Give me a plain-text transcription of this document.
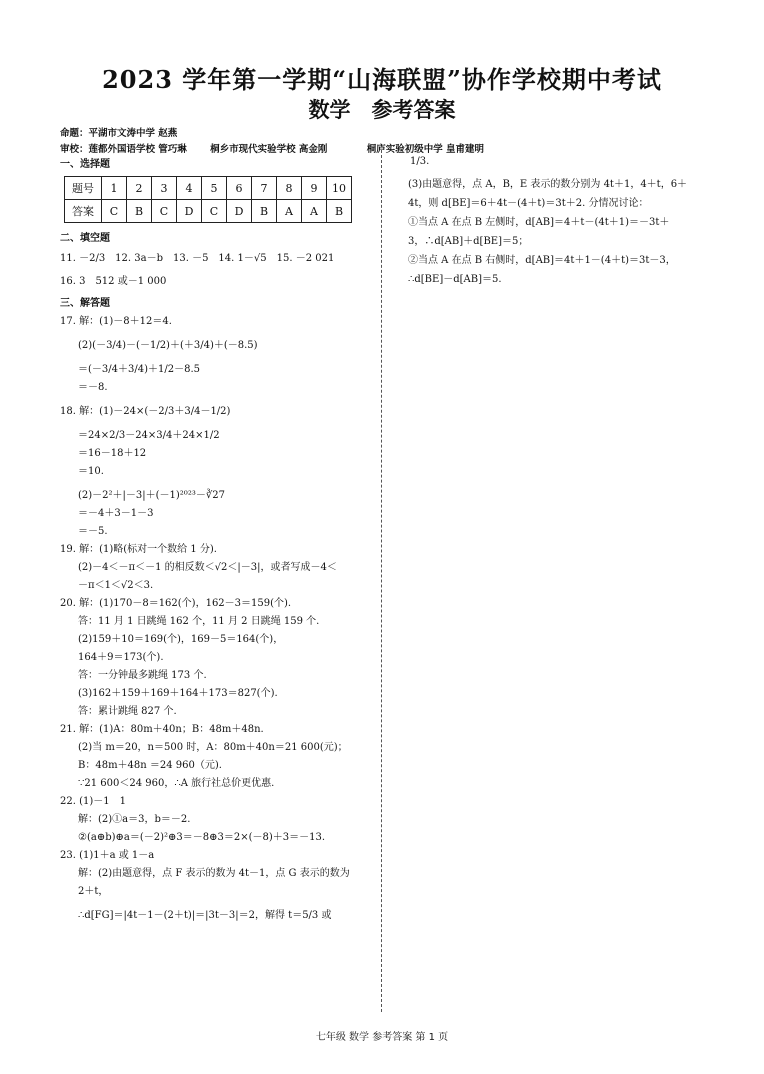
2023 学年第一学期“山海联盟”协作学校期中考试
数学　参考答案
命题：平湖市文涛中学 赵燕
审校：莲都外国语学校 管巧琳 桐乡市现代实验学校 高金刚	桐庐实验初级中学 皇甫建明
一、选择题
题号	1	2	3	4	5	6	7	8	9	10
答案	C	B	C	D	C	D	B	A	A	B
二、填空题
11. －2/3　12. 3a－b　13. －5　14. 1－√5　15. －2 021
16. 3　512 或－1 000
三、解答题
17. 解：(1)－8＋12＝4.
(2)(－3/4)－(－1/2)＋(＋3/4)＋(－8.5)
＝(－3/4＋3/4)＋1/2－8.5
＝－8.
18. 解：(1)－24×(－2/3＋3/4－1/2)
＝24×2/3－24×3/4＋24×1/2
＝16－18＋12
＝10.
(2)－2²＋|－3|＋(－1)²⁰²³－∛27
＝－4＋3－1－3
＝－5.
19. 解：(1)略(标对一个数给 1 分).
(2)－4＜－π＜－1 的相反数＜√2＜|－3|，或者写成－4＜
－π＜1＜√2＜3.
20. 解：(1)170－8＝162(个)，162－3＝159(个).
答：11 月 1 日跳绳 162 个，11 月 2 日跳绳 159 个.
(2)159＋10＝169(个)，169－5＝164(个)，
164＋9＝173(个).
答：一分钟最多跳绳 173 个.
(3)162＋159＋169＋164＋173＝827(个).
答：累计跳绳 827 个.
21. 解：(1)A：80m＋40n；B：48m＋48n.
(2)当 m＝20，n＝500 时，A：80m＋40n＝21 600(元)；
B：48m＋48n ＝24 960（元).
∵21 600＜24 960，∴A 旅行社总价更优惠.
22. (1)－1　1
解：(2)①a＝3，b＝－2.
②(a⊕b)⊕a＝(－2)²⊕3＝－8⊕3＝2×(－8)＋3＝－13.
23. (1)1＋a 或 1－a
解：(2)由题意得，点 F 表示的数为 4t－1，点 G 表示的数为
2＋t，
∴d[FG]＝|4t－1－(2＋t)|＝|3t－3|＝2，解得 t＝5/3 或
1/3.
(3)由题意得，点 A，B，E 表示的数分别为 4t＋1，4＋t，6＋
4t，则 d[BE]＝6＋4t－(4＋t)＝3t＋2. 分情况讨论：
①当点 A 在点 B 左侧时，d[AB]＝4＋t－(4t＋1)＝－3t＋
3，∴d[AB]＋d[BE]＝5；
②当点 A 在点 B 右侧时，d[AB]＝4t＋1－(4＋t)＝3t－3，
∴d[BE]－d[AB]＝5.
七年级 数学 参考答案 第 1 页
